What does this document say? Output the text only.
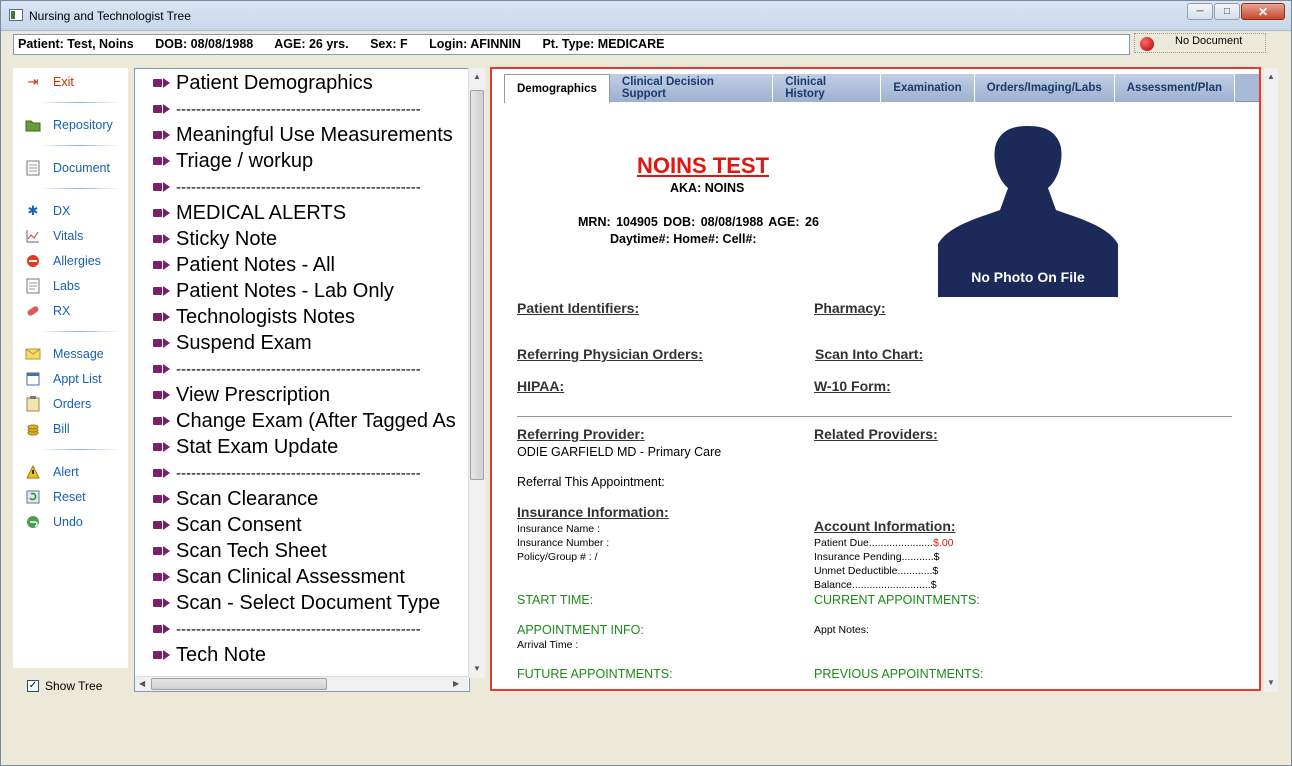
Nursing and Technologist Tree	─	□	✕
Patient: Test, Noins DOB: 08/08/1988 AGE: 26 yrs. Sex: F Login: AFINNIN Pt. Type: MEDICARE	No Document
⇥ Exit
Repository
Document
✱ DX
Vitals
Allergies
Labs
RX
Message
Appt List
Orders
Bill
Alert
Reset
Undo
✓ Show Tree
Patient Demographics
-------------------------------------------------
Meaningful Use Measurements
Triage / workup
-------------------------------------------------
MEDICAL ALERTS
Sticky Note
Patient Notes - All
Patient Notes - Lab Only
Technologists Notes
Suspend Exam
-------------------------------------------------
View Prescription
Change Exam (After Tagged As
Stat Exam Update
-------------------------------------------------
Scan Clearance
Scan Consent
Scan Tech Sheet
Scan Clinical Assessment
Scan - Select Document Type
-------------------------------------------------
Tech Note
▲
▼
◀	▶
Demographics
Clinical Decision Support
Clinical History	Examination	Orders/Imaging/Labs	Assessment/Plan
NOINS TEST
AKA: NOINS
MRN: 104905 DOB: 08/08/1988 AGE: 26
Daytime#: Home#: Cell#:
No Photo On File
Patient Identifiers:	Pharmacy:
Referring Physician Orders:	Scan Into Chart:
HIPAA:	W-10 Form:
Referring Provider:
ODIE GARFIELD MD - Primary Care
Related Providers:
Referral This Appointment:
Insurance Information:
Insurance Name :
Insurance Number :
Policy/Group # : /
Account Information:
Patient Due......................$.00
Insurance Pending...........$
Unmet Deductible............$
Balance...........................$
START TIME:	CURRENT APPOINTMENTS:
APPOINTMENT INFO:
Arrival Time :
Appt Notes:
FUTURE APPOINTMENTS:	PREVIOUS APPOINTMENTS:
▲
▼
